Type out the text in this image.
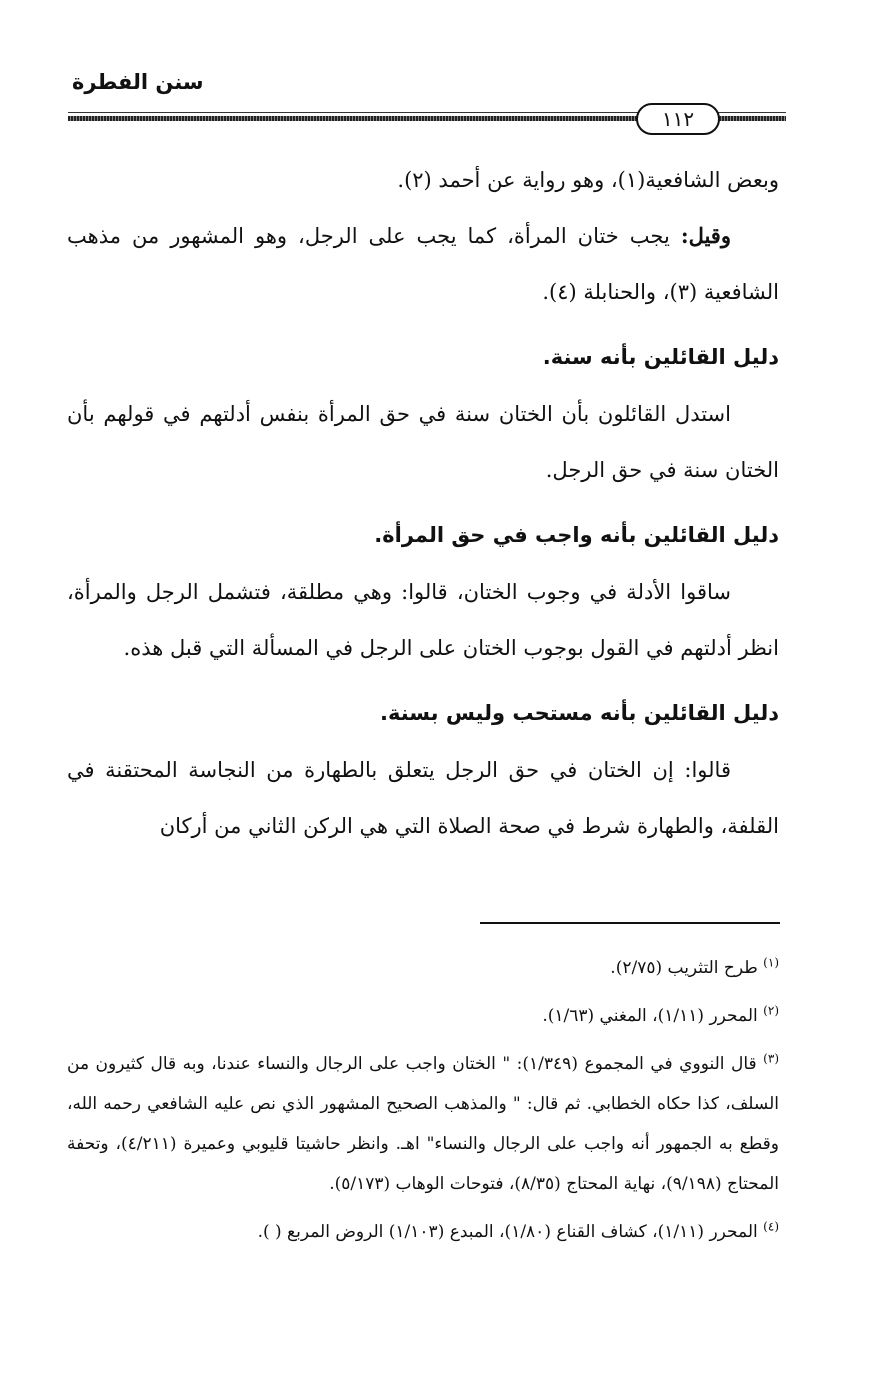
سنن الفطرة
١١٢

وبعض الشافعية(١)، وهو رواية عن أحمد (٢).

وقيل: يجب ختان المرأة، كما يجب على الرجل، وهو المشهور من مذهب الشافعية (٣)، والحنابلة (٤).

دليل القائلين بأنه سنة.

استدل القائلون بأن الختان سنة في حق المرأة بنفس أدلتهم في قولهم بأن الختان سنة في حق الرجل.

دليل القائلين بأنه واجب في حق المرأة.

ساقوا الأدلة في وجوب الختان، قالوا: وهي مطلقة، فتشمل الرجل والمرأة، انظر أدلتهم في القول بوجوب الختان على الرجل في المسألة التي قبل هذه.

دليل القائلين بأنه مستحب وليس بسنة.

قالوا: إن الختان في حق الرجل يتعلق بالطهارة من النجاسة المحتقنة في القلفة، والطهارة شرط في صحة الصلاة التي هي الركن الثاني من أركان

$^{(١)}$ طرح التثريب (٢/٧٥).

$^{(٢)}$ المحرر (١/١١)، المغني (١/٦٣).

$^{(٣)}$ قال النووي في المجموع (١/٣٤٩): " الختان واجب على الرجال والنساء عندنا، وبه قال كثيرون من السلف، كذا حكاه الخطابي. ثم قال: " والمذهب الصحيح المشهور الذي نص عليه الشافعي رحمه الله، وقطع به الجمهور أنه واجب على الرجال والنساء" اهـ. وانظر حاشيتا قليوبي وعميرة (٤/٢١١)، وتحفة المحتاج (٩/١٩٨)، نهاية المحتاج (٨/٣٥)، فتوحات الوهاب (٥/١٧٣).

$^{(٤)}$ المحرر (١/١١)، كشاف القناع (١/٨٠)، المبدع (١/١٠٣) الروض المربع ( ).
